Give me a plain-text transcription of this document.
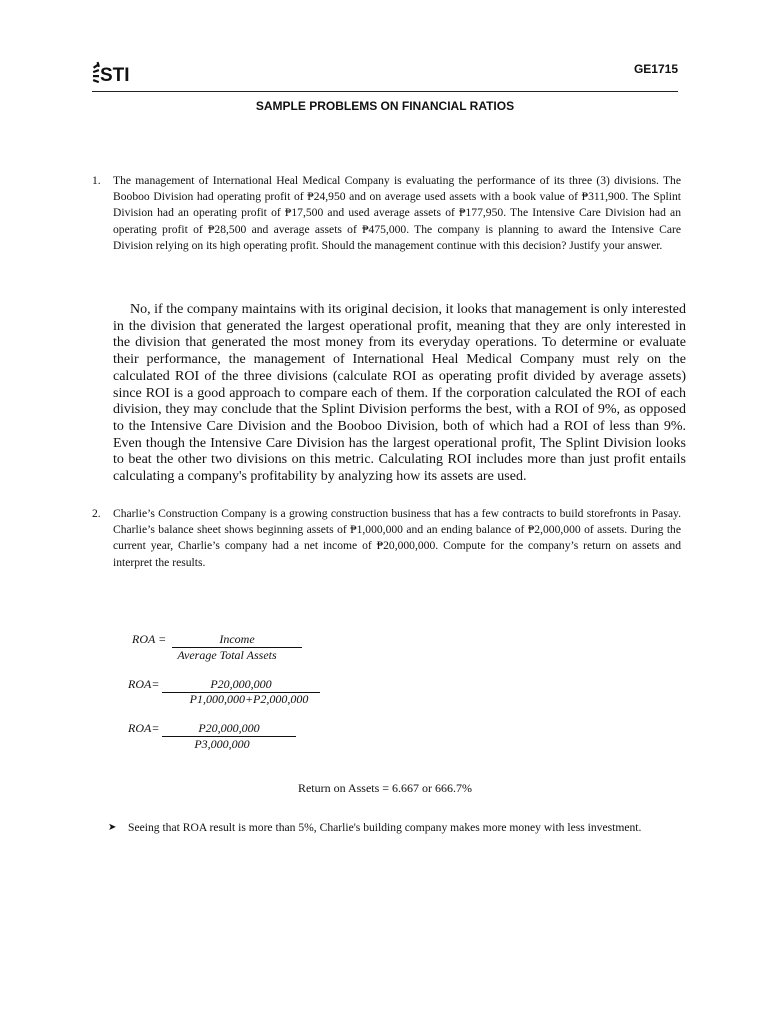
STI	GE1715
SAMPLE PROBLEMS ON FINANCIAL RATIOS
1. The management of International Heal Medical Company is evaluating the performance of its three (3) divisions. The Booboo Division had operating profit of ₱24,950 and on average used assets with a book value of ₱311,900. The Splint Division had an operating profit of ₱17,500 and used average assets of ₱177,950. The Intensive Care Division had an operating profit of ₱28,500 and average assets of ₱475,000. The company is planning to award the Intensive Care Division relying on its high operating profit. Should the management continue with this decision? Justify your answer.
No, if the company maintains with its original decision, it looks that management is only interested in the division that generated the largest operational profit, meaning that they are only interested in the division that generated the most money from its everyday operations. To determine or evaluate their performance, the management of International Heal Medical Company must rely on the calculated ROI of the three divisions (calculate ROI as operating profit divided by average assets) since ROI is a good approach to compare each of them. If the corporation calculated the ROI of each division, they may conclude that the Splint Division performs the best, with a ROI of 9%, as opposed to the Intensive Care Division and the Booboo Division, both of which had a ROI of less than 9%. Even though the Intensive Care Division has the largest operational profit, The Splint Division looks to beat the other two divisions on this metric. Calculating ROI includes more than just profit entails calculating a company's profitability by analyzing how its assets are used.
2. Charlie’s Construction Company is a growing construction business that has a few contracts to build storefronts in Pasay. Charlie’s balance sheet shows beginning assets of ₱1,000,000 and an ending balance of ₱2,000,000 of assets. During the current year, Charlie’s company had a net income of ₱20,000,000. Compute for the company’s return on assets and interpret the results.
ROA =	Income
Average Total Assets
ROA=	P20,000,000
P1,000,000+P2,000,000
ROA=	P20,000,000
P3,000,000
Return on Assets = 6.667 or 666.7%
➤ Seeing that ROA result is more than 5%, Charlie's building company makes more money with less investment.
